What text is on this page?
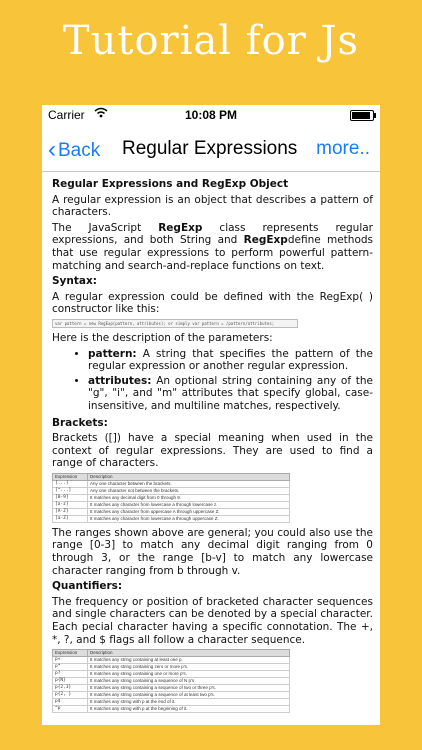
Tutorial for Js
Carrier	10:08 PM
‹ Back Regular Expressions more..
Regular Expressions and RegExp Object

A regular expression is an object that describes a pattern of characters.

The JavaScript RegExp class represents regular expressions, and both String and RegExpdefine methods that use regular expressions to perform powerful pattern-matching and search-and-replace functions on text.

Syntax:

A regular expression could be defined with the RegExp( ) constructor like this:

var pattern = new RegExp(pattern, attributes); or simply var pattern = /pattern/attributes;

Here is the description of the parameters:

• pattern: A string that specifies the pattern of the regular expression or another regular expression.
• attributes: An optional string containing any of the "g", "i", and "m" attributes that specify global, case-insensitive, and multiline matches, respectively.
Brackets:

Brackets ([]) have a special meaning when used in the context of regular expressions. They are used to find a range of characters.

Expression	Description
[...]	Any one character between the brackets.
[^...]	Any one character not between the brackets.
[0-9]	It matches any decimal digit from 0 through 9.
[a-z]	It matches any character from lowercase a through lowercase z.
[A-Z]	It matches any character from uppercase A through uppercase Z.
[a-Z]	It matches any character from lowercase a through uppercase Z.

The ranges shown above are general; you could also use the range [0-3] to match any decimal digit ranging from 0 through 3, or the range [b-v] to match any lowercase character ranging from b through v.

Quantifiers:

The frequency or position of bracketed character sequences and single characters can be denoted by a special character. Each pecial character having a specific connotation. The +, *, ?, and $ flags all follow a character sequence.

Expression	Description
p+	It matches any string containing at least one p.
p*	It matches any string containing zero or more p's.
p?	It matches any string containing one or more p's.
p{N}	It matches any string containing a sequence of N p's
p{2,3}	It matches any string containing a sequence of two or three p's.
p{2, }	It matches any string containing a sequence of at least two p's.
p$	It matches any string with p at the end of it.
^p	It matches any string with p at the beginning of it.
